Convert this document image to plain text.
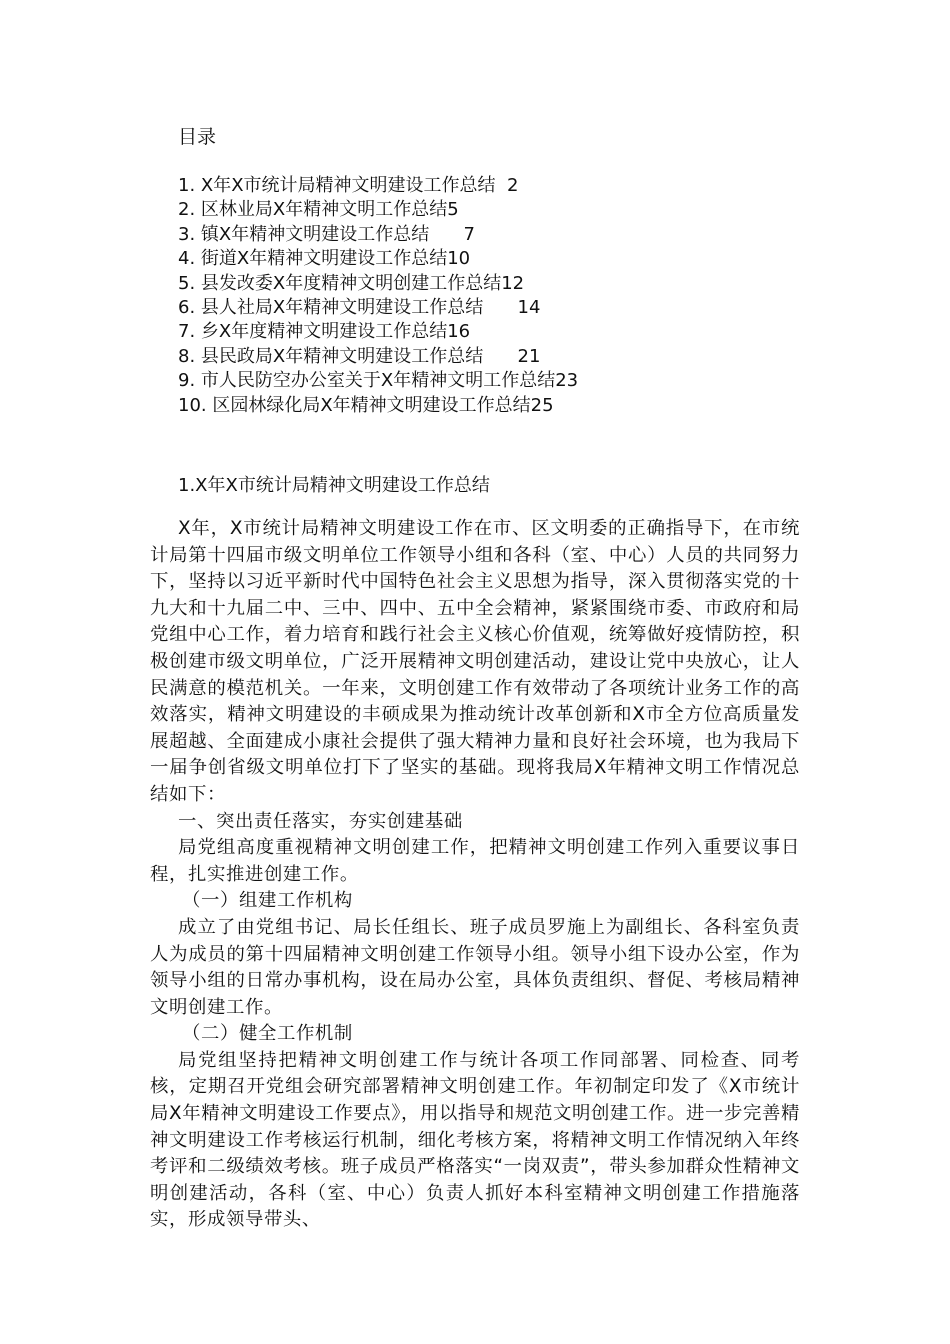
目录
1. X年X市统计局精神文明建设工作总结  2
2. 区林业局X年精神文明工作总结5
3. 镇X年精神文明建设工作总结      7
4. 街道X年精神文明建设工作总结10
5. 县发改委X年度精神文明创建工作总结12
6. 县人社局X年精神文明建设工作总结      14
7. 乡X年度精神文明建设工作总结16
8. 县民政局X年精神文明建设工作总结      21
9. 市人民防空办公室关于X年精神文明工作总结23
10. 区园林绿化局X年精神文明建设工作总结25
1.X年X市统计局精神文明建设工作总结

X年，X市统计局精神文明建设工作在市、区文明委的正确指导下，在市统计局第十四届市级文明单位工作领导小组和各科（室、中心）人员的共同努力下，坚持以习近平新时代中国特色社会主义思想为指导，深入贯彻落实党的十九大和十九届二中、三中、四中、五中全会精神，紧紧围绕市委、市政府和局党组中心工作，着力培育和践行社会主义核心价值观，统筹做好疫情防控，积极创建市级文明单位，广泛开展精神文明创建活动，建设让党中央放心，让人民满意的模范机关。一年来，文明创建工作有效带动了各项统计业务工作的高效落实，精神文明建设的丰硕成果为推动统计改革创新和X市全方位高质量发展超越、全面建成小康社会提供了强大精神力量和良好社会环境，也为我局下一届争创省级文明单位打下了坚实的基础。现将我局X年精神文明工作情况总结如下：

一、突出责任落实，夯实创建基础

局党组高度重视精神文明创建工作，把精神文明创建工作列入重要议事日程，扎实推进创建工作。

（一）组建工作机构

成立了由党组书记、局长任组长、班子成员罗施上为副组长、各科室负责人为成员的第十四届精神文明创建工作领导小组。领导小组下设办公室，作为领导小组的日常办事机构，设在局办公室，具体负责组织、督促、考核局精神文明创建工作。

（二）健全工作机制

局党组坚持把精神文明创建工作与统计各项工作同部署、同检查、同考核，定期召开党组会研究部署精神文明创建工作。年初制定印发了《X市统计局X年精神文明建设工作要点》，用以指导和规范文明创建工作。进一步完善精神文明建设工作考核运行机制，细化考核方案，将精神文明工作情况纳入年终考评和二级绩效考核。班子成员严格落实“一岗双责”，带头参加群众性精神文明创建活动，各科（室、中心）负责人抓好本科室精神文明创建工作措施落实，形成领导带头、
